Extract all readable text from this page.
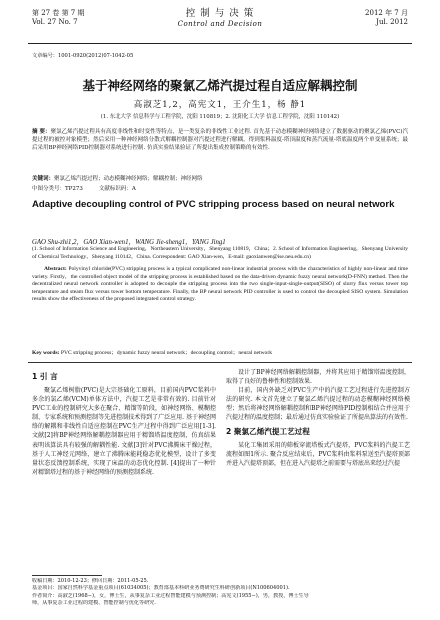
第 27 卷 第 7 期
Vol. 27 No. 7
控 制 与 决 策
Control and Decision
2012 年 7 月
Jul. 2012
文章编号：1001-0920(2012)07-1042-05
基于神经网络的聚氯乙烯汽提过程自适应解耦控制
高淑芝1,2，高宪文1，王介生1，杨 静1
(1. 东北大学 信息科学与工程学院，沈阳 110819；2. 沈阳化工大学 信息工程学院，沈阳 110142)
摘 要：聚氯乙烯汽提过程具有高度非线性和时变性等特点，是一类复杂的非线性工业过程. 首先基于动态模糊神经网络建立了数据驱动的聚氯乙烯(PVC)汽提过程的被控对象模型；然后采用一种神经网络分散式解耦控制器对汽提过程进行解耦，得到浆料温度-塔顶温度和蒸汽流量-塔底温度两个单变量系统；最后采用BP神经网络PID控制器对系统进行控制. 仿真实验结果验证了所提出集成控制策略的有效性.
关键词：聚氯乙烯汽提过程；动态模糊神经网络；解耦控制；神经网络
中图分类号：TP273	文献标识码：A
Adaptive decoupling control of PVC stripping process based on neural network
GAO Shu-zhi1,2，GAO Xian-wen1，WANG Jie-sheng1，YANG Jing1
(1. School of Information Science and Engineering，Northeastern University，Shenyang 110819，China；2. School of Information Engineering，Shenyang University of Chemical Technology，Shenyang 110142，China. Correspondent: GAO Xian-wen，E-mail: gaoxianwen@ise.neu.edu.cn)
Abstract: Polyvinyl chloride(PVC) stripping process is a typical complicated non-linear industrial process with the characteristics of highly non-linear and time variety. Firstly，the controlled object model of the stripping process is established based on the data-driven dynamic fuzzy neural network(D-FNN) method. Then the decentralized neural network controller is adopted to decouple the stripping process into the two single-input-single-output(SISO) of slurry flux versus tower top temperature and steam flux versus tower bottom temperature. Finally, the BP neural network PID controller is used to control the decoupled SISO system. Simulation results show the effectiveness of the proposed integrated control strategy.
Key words: PVC stripping process；dynamic fuzzy neural network；decoupling control；neural network
1 引 言

聚氯乙烯树脂(PVC)是大宗基础化工原料，目前国内PVC浆料中多余的氯乙烯(VCM)单体方法中，汽提工艺是非常有效的. 目前针对PVC工业的控制研究大多在聚合、精馏等阶段，如神经网络、模糊控制、专家系统和预测控制等先进控制技术得到了广泛应用. 基于神经网络的解耦和非线性自适应控制在PVC生产过程中得到广泛应用[1-3]. 文献[2]将BP神经网络解耦控制器应用于精馏塔温度控制，仿真结果表明该算法具有较强的解耦性能. 文献[3]针对PVC沸腾床干燥过程，基于人工神经元网络，建立了沸腾床能耗稳态优化模型，设计了多变量状态反馈控制系统，实现了床温的动态优化控制. [4]提出了一种针对精馏塔过程的基于神经网络的预测控制系统.

设计了BP神经网络解耦控制器，并将其应用于精馏塔温度控制，取得了良好的鲁棒性和控制效果.

目前，国内外缺乏对PVC生产中的汽提工艺过程进行先进控制方法的研究. 本文首先建立了聚氯乙烯汽提过程的动态模糊神经网络模型；然后将神经网络解耦控制和BP神经网络PID控制相结合并应用于汽提过程的温度控制；最后通过仿真实验验证了所提出算法的有效性.

2 聚氯乙烯汽提工艺过程

某化工集团采用的筛板穿流塔板式汽提塔，PVC浆料的汽提工艺流程如图1所示. 聚合反应结束后，PVC浆料由浆料泵送至汽提塔顶部并进入汽提塔顶部，但在进入汽提塔之前需要与塔底出来经过汽提

收稿日期：2010-12-23；修回日期：2011-05-25.
基金项目：国家自然科学基金重点项目(61034005)；教育部基本科研业务费研究生科研创新项目(N100604001).
作者简介：高淑芝(1968−)，女，博士生，从事复杂工业过程智能建模与预测控制；高宪文(1955−)，男，教授，博士生导
师，从事复杂工业过程的建模、智能控制与优化等研究.
